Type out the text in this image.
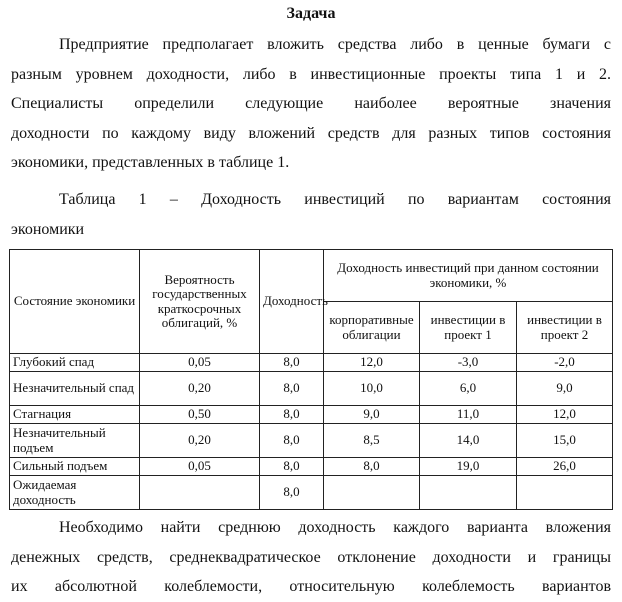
Задача
Предприятие предполагает вложить средства либо в ценные бумаги с
разным уровнем доходности, либо в инвестиционные проекты типа 1 и 2.
Специалисты определили следующие наиболее вероятные значения
доходности по каждому виду вложений средств для разных типов состояния
экономики, представленных в таблице 1.
Таблица 1 – Доходность инвестиций по вариантам состояния
экономики
Состояние экономики	Вероятность государственных краткосрочных облигаций, %	Доходность	Доходность инвестиций при данном состоянии экономики, %		
			корпоративные облигации	инвестиции в проект 1	инвестиции в проект 2
Глубокий спад	0,05	8,0	12,0	-3,0	-2,0
Незначительный спад	0,20	8,0	10,0	6,0	9,0
Стагнация	0,50	8,0	9,0	11,0	12,0
Незначительный подъем	0,20	8,0	8,5	14,0	15,0
Сильный подъем	0,05	8,0	8,0	19,0	26,0
Ожидаемая доходность		8,0			
Необходимо найти среднюю доходность каждого варианта вложения
денежных средств, среднеквадратическое отклонение доходности и границы
их абсолютной колеблемости, относительную колеблемость вариантов
